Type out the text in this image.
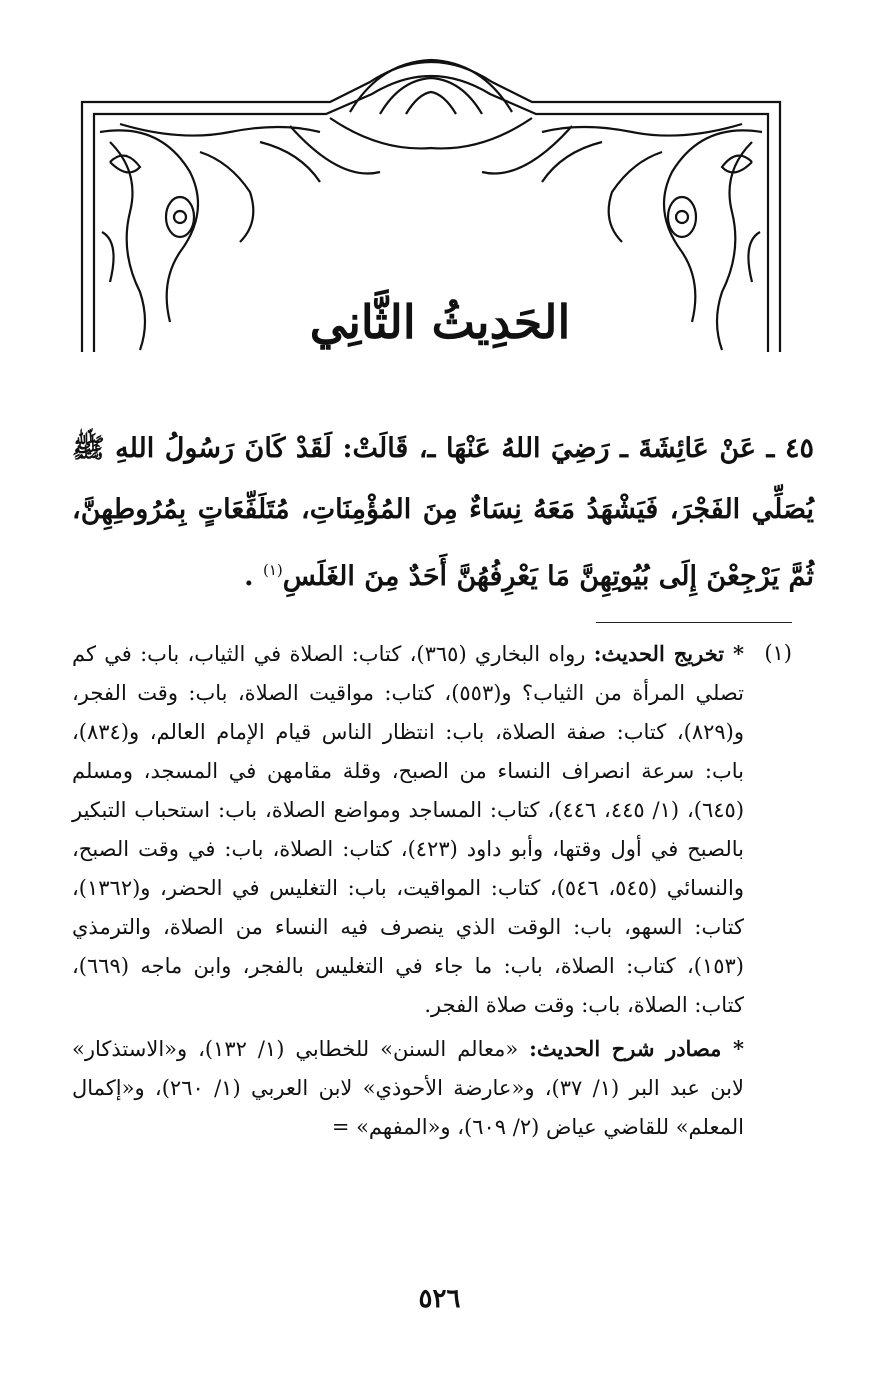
الحَدِيثُ الثَّانِي
٤٥ ـ عَنْ عَائِشَةَ ـ رَضِيَ اللهُ عَنْهَا ـ، قَالَتْ: لَقَدْ كَانَ رَسُولُ اللهِ ﷺ يُصَلِّي الفَجْرَ، فَيَشْهَدُ مَعَهُ نِسَاءٌ مِنَ المُؤْمِنَاتِ، مُتَلَفِّعَاتٍ بِمُرُوطِهِنَّ، ثُمَّ يَرْجِعْنَ إِلَى بُيُوتِهِنَّ مَا يَعْرِفُهُنَّ أَحَدٌ مِنَ الغَلَسِ$^{(١)}$ .
(١)

* تخريج الحديث: رواه البخاري (٣٦٥)، كتاب: الصلاة في الثياب، باب: في كم تصلي المرأة من الثياب؟ و(٥٥٣)، كتاب: مواقيت الصلاة، باب: وقت الفجر، و(٨٢٩)، كتاب: صفة الصلاة، باب: انتظار الناس قيام الإمام العالم، و(٨٣٤)، باب: سرعة انصراف النساء من الصبح، وقلة مقامهن في المسجد، ومسلم (٦٤٥)، (١/ ٤٤٥، ٤٤٦)، كتاب: المساجد ومواضع الصلاة، باب: استحباب التبكير بالصبح في أول وقتها، وأبو داود (٤٢٣)، كتاب: الصلاة، باب: في وقت الصبح، والنسائي (٥٤٥، ٥٤٦)، كتاب: المواقيت، باب: التغليس في الحضر، و(١٣٦٢)، كتاب: السهو، باب: الوقت الذي ينصرف فيه النساء من الصلاة، والترمذي (١٥٣)، كتاب: الصلاة، باب: ما جاء في التغليس بالفجر، وابن ماجه (٦٦٩)، كتاب: الصلاة، باب: وقت صلاة الفجر.

* مصادر شرح الحديث: «معالم السنن» للخطابي (١/ ١٣٢)، و«الاستذكار» لابن عبد البر (١/ ٣٧)، و«عارضة الأحوذي» لابن العربي (١/ ٢٦٠)، و«إكمال المعلم» للقاضي عياض (٢/ ٦٠٩)، و«المفهم» =

٥٢٦
